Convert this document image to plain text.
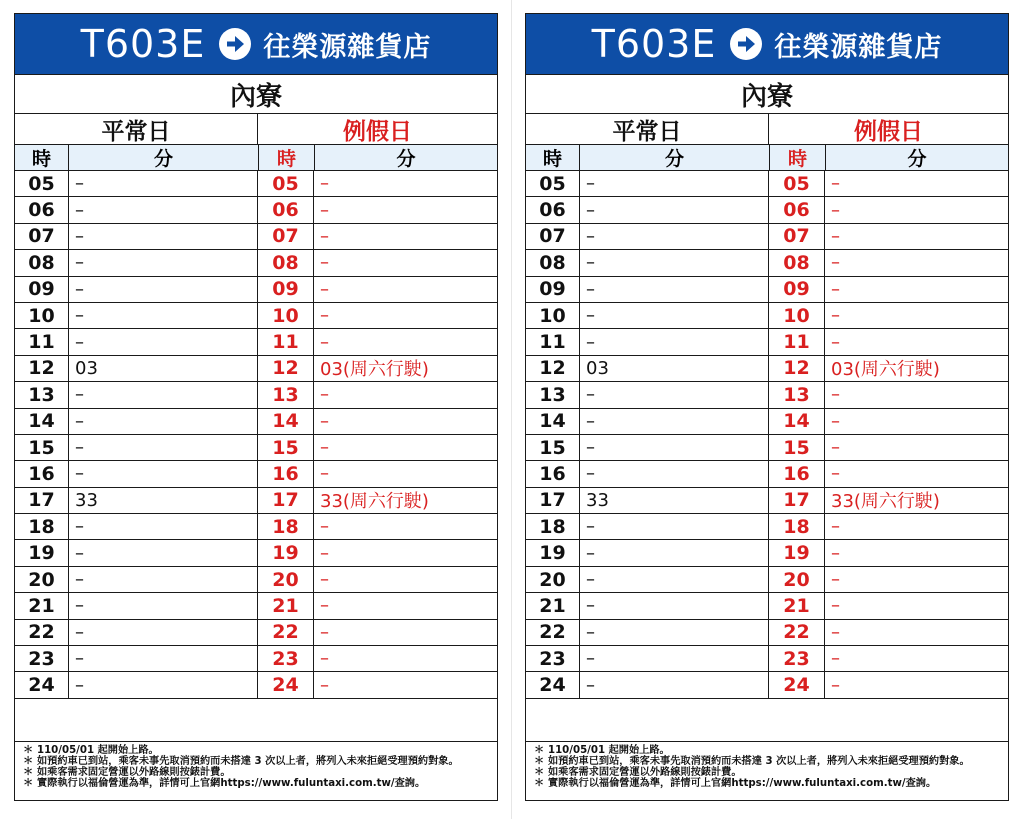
T603E 往榮源雜貨店
內寮
平常日	例假日
時	分	時	分
05	–	05	–
06	–	06	–
07	–	07	–
08	–	08	–
09	–	09	–
10	–	10	–
11	–	11	–
12	03	12	03(周六行駛)
13	–	13	–
14	–	14	–
15	–	15	–
16	–	16	–
17	33	17	33(周六行駛)
18	–	18	–
19	–	19	–
20	–	20	–
21	–	21	–
22	–	22	–
23	–	23	–
24	–	24	–
＊ 110/05/01 起開始上路。
＊ 如預約車已到站，乘客未事先取消預約而未搭達 3 次以上者，將列入未來拒絕受理預約對象。
＊ 如乘客需求固定營運以外路線則按錶計費。
＊ 實際執行以福倫營運為準，詳情可上官網https://www.fuluntaxi.com.tw/查詢。
T603E 往榮源雜貨店
內寮
平常日	例假日
時	分	時	分
05	–	05	–
06	–	06	–
07	–	07	–
08	–	08	–
09	–	09	–
10	–	10	–
11	–	11	–
12	03	12	03(周六行駛)
13	–	13	–
14	–	14	–
15	–	15	–
16	–	16	–
17	33	17	33(周六行駛)
18	–	18	–
19	–	19	–
20	–	20	–
21	–	21	–
22	–	22	–
23	–	23	–
24	–	24	–
＊ 110/05/01 起開始上路。
＊ 如預約車已到站，乘客未事先取消預約而未搭達 3 次以上者，將列入未來拒絕受理預約對象。
＊ 如乘客需求固定營運以外路線則按錶計費。
＊ 實際執行以福倫營運為準，詳情可上官網https://www.fuluntaxi.com.tw/查詢。
